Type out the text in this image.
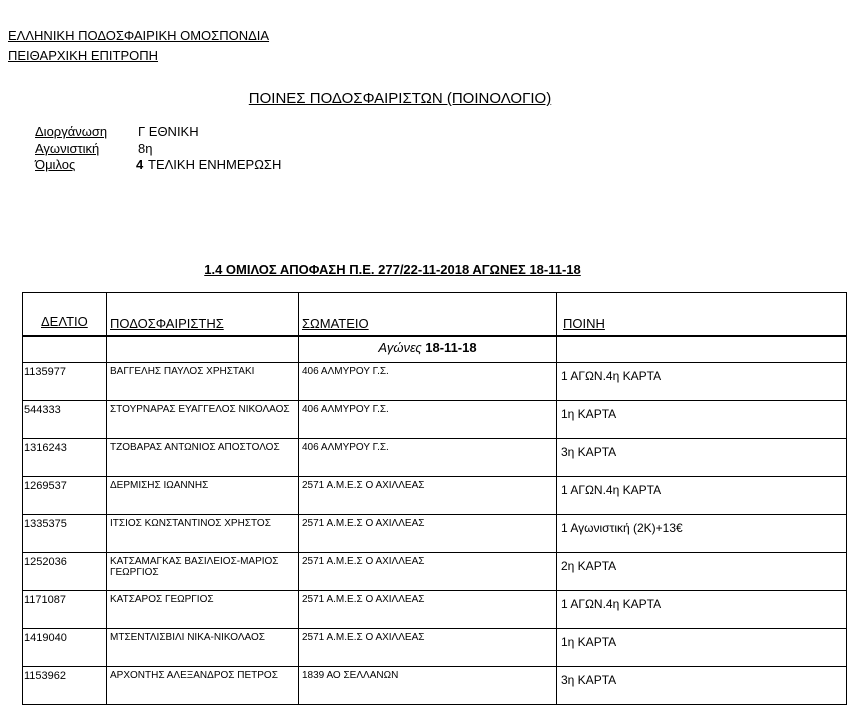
ΕΛΛΗΝΙΚΗ ΠΟΔΟΣΦΑΙΡΙΚΗ ΟΜΟΣΠΟΝΔΙΑ
ΠΕΙΘΑΡΧΙΚΗ ΕΠΙΤΡΟΠΗ
ΠΟΙΝΕΣ ΠΟΔΟΣΦΑΙΡΙΣΤΩΝ (ΠΟΙΝΟΛΟΓΙΟ)
Διοργάνωση Γ ΕΘΝΙΚΗ
Αγωνιστική	8η
Όμιλος	4 ΤΕΛΙΚΗ ΕΝΗΜΕΡΩΣΗ
1.4 ΟΜΙΛΟΣ ΑΠΟΦΑΣΗ Π.Ε. 277/22-11-2018 ΑΓΩΝΕΣ 18-11-18
ΔΕΛΤΙΟ	ΠΟΔΟΣΦΑΙΡΙΣΤΗΣ	ΣΩΜΑΤΕΙΟ	ΠΟΙΝΗ
		Αγώνες 18-11-18	
1135977	ΒΑΓΓΕΛΗΣ ΠΑΥΛΟΣ ΧΡΗΣΤΑΚΙ	406 ΑΛΜΥΡΟΥ Γ.Σ.	1 ΑΓΩΝ.4η ΚΑΡΤΑ
544333	ΣΤΟΥΡΝΑΡΑΣ ΕΥΑΓΓΕΛΟΣ ΝΙΚΟΛΑΟΣ	406 ΑΛΜΥΡΟΥ Γ.Σ.	1η ΚΑΡΤΑ
1316243	ΤΖΟΒΑΡΑΣ ΑΝΤΩΝΙΟΣ ΑΠΟΣΤΟΛΟΣ	406 ΑΛΜΥΡΟΥ Γ.Σ.	3η ΚΑΡΤΑ
1269537	ΔΕΡΜΙΣΗΣ ΙΩΑΝΝΗΣ	2571 Α.Μ.Ε.Σ Ο ΑΧΙΛΛΕΑΣ	1 ΑΓΩΝ.4η ΚΑΡΤΑ
1335375	ΙΤΣΙΟΣ ΚΩΝΣΤΑΝΤΙΝΟΣ ΧΡΗΣΤΟΣ	2571 Α.Μ.Ε.Σ Ο ΑΧΙΛΛΕΑΣ	1 Αγωνιστική (2Κ)+13€
1252036	ΚΑΤΣΑΜΑΓΚΑΣ ΒΑΣΙΛΕΙΟΣ-ΜΑΡΙΟΣ ΓΕΩΡΓΙΟΣ	2571 Α.Μ.Ε.Σ Ο ΑΧΙΛΛΕΑΣ	2η ΚΑΡΤΑ
1171087	ΚΑΤΣΑΡΟΣ ΓΕΩΡΓΙΟΣ	2571 Α.Μ.Ε.Σ Ο ΑΧΙΛΛΕΑΣ	1 ΑΓΩΝ.4η ΚΑΡΤΑ
1419040	ΜΤΣΕΝΤΛΙΣΒΙΛΙ ΝΙΚΑ-ΝΙΚΟΛΑΟΣ	2571 Α.Μ.Ε.Σ Ο ΑΧΙΛΛΕΑΣ	1η ΚΑΡΤΑ
1153962	ΑΡΧΟΝΤΗΣ ΑΛΕΞΑΝΔΡΟΣ ΠΕΤΡΟΣ	1839 ΑΟ ΣΕΛΛΑΝΩΝ	3η ΚΑΡΤΑ
